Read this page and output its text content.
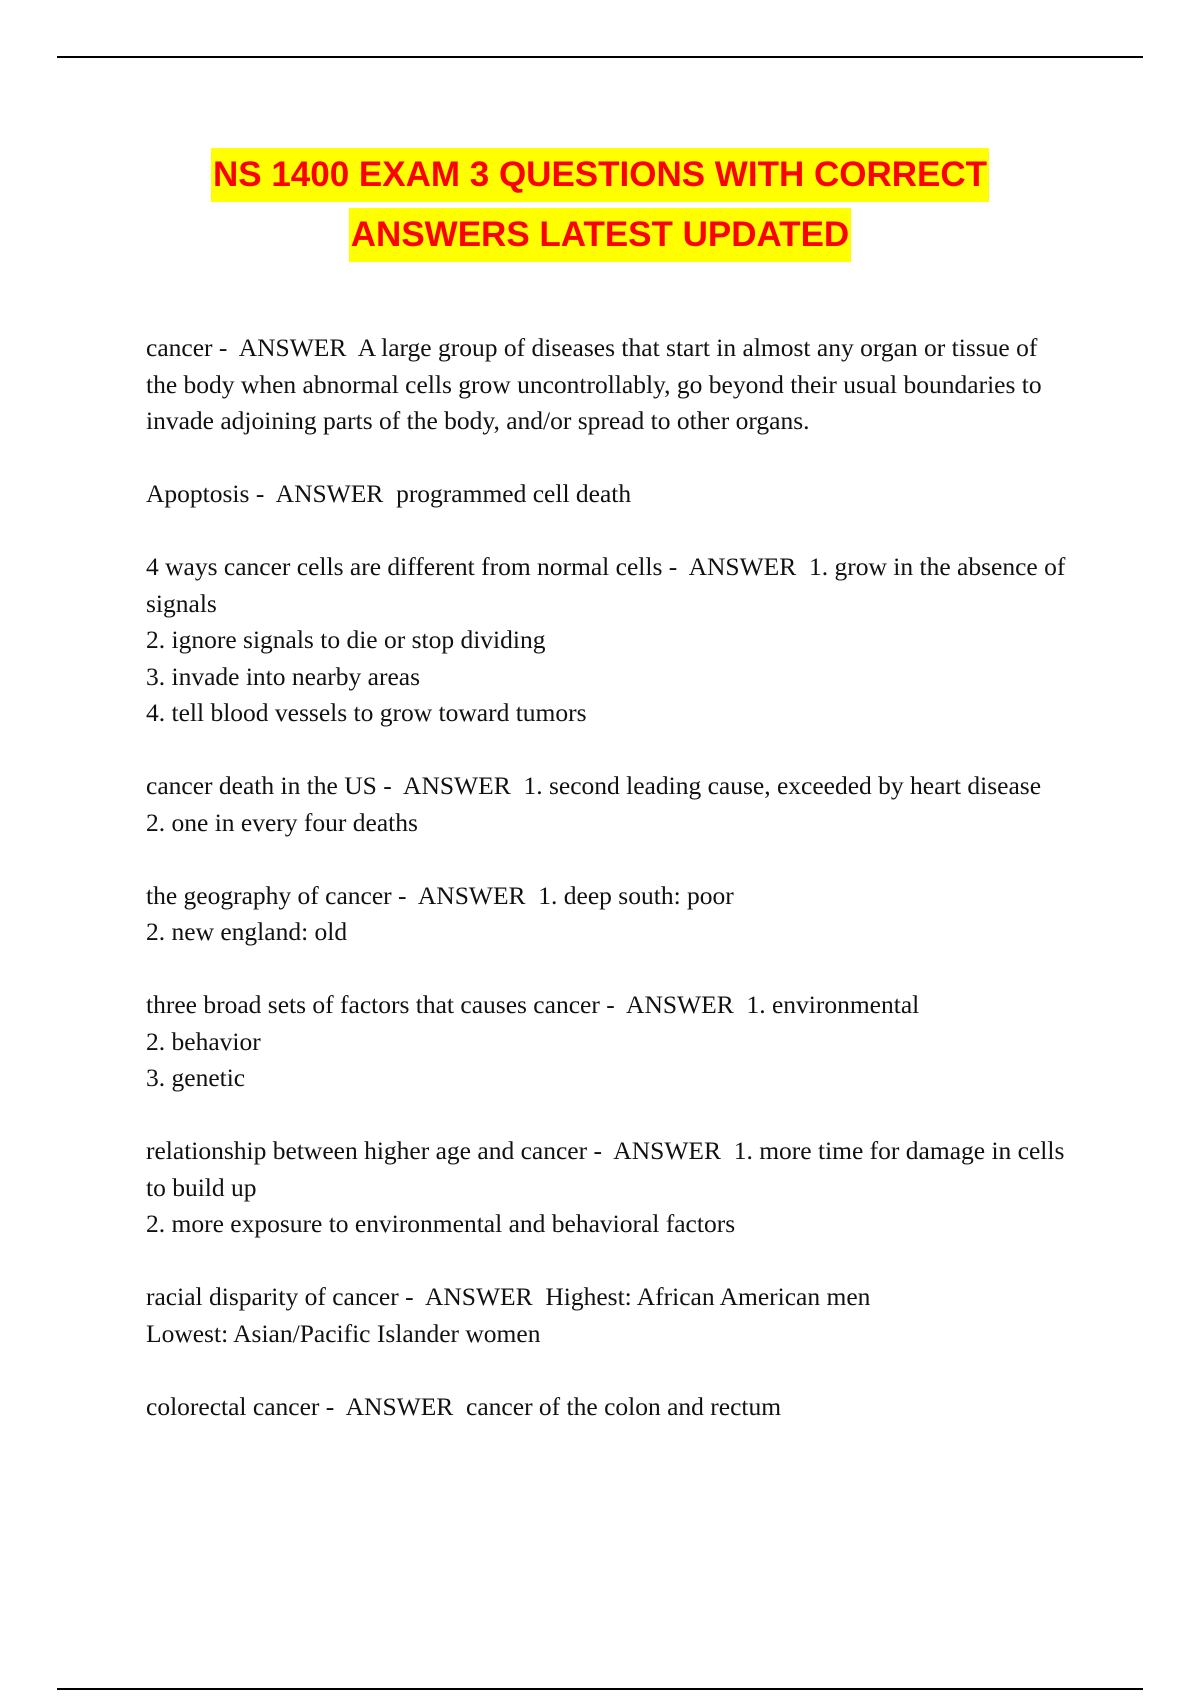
NS 1400 EXAM 3 QUESTIONS WITH CORRECT
ANSWERS LATEST UPDATED

cancer -  ANSWER  A large group of diseases that start in almost any organ or tissue of the body when abnormal cells grow uncontrollably, go beyond their usual boundaries to invade adjoining parts of the body, and/or spread to other organs.

Apoptosis -  ANSWER  programmed cell death

4 ways cancer cells are different from normal cells -  ANSWER  1. grow in the absence of signals

2. ignore signals to die or stop dividing

3. invade into nearby areas

4. tell blood vessels to grow toward tumors

cancer death in the US -  ANSWER  1. second leading cause, exceeded by heart disease

2. one in every four deaths

the geography of cancer -  ANSWER  1. deep south: poor

2. new england: old

three broad sets of factors that causes cancer -  ANSWER  1. environmental

2. behavior

3. genetic

relationship between higher age and cancer -  ANSWER  1. more time for damage in cells to build up

2. more exposure to environmental and behavioral factors

racial disparity of cancer -  ANSWER  Highest: African American men

Lowest: Asian/Pacific Islander women

colorectal cancer -  ANSWER  cancer of the colon and rectum
